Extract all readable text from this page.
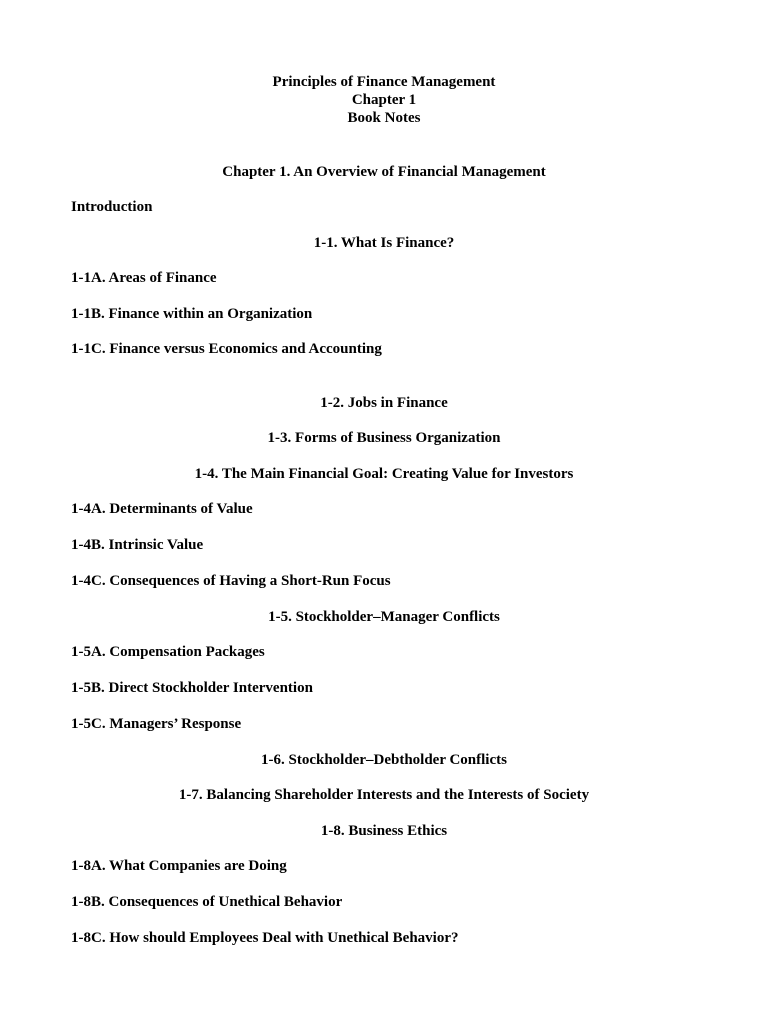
Principles of Finance Management
Chapter 1
Book Notes
Chapter 1. An Overview of Financial Management
Introduction
1-1. What Is Finance?
1-1A. Areas of Finance
1-1B. Finance within an Organization
1-1C. Finance versus Economics and Accounting
1-2. Jobs in Finance
1-3. Forms of Business Organization
1-4. The Main Financial Goal: Creating Value for Investors
1-4A. Determinants of Value
1-4B. Intrinsic Value
1-4C. Consequences of Having a Short-Run Focus
1-5. Stockholder–Manager Conflicts
1-5A. Compensation Packages
1-5B. Direct Stockholder Intervention
1-5C. Managers’ Response
1-6. Stockholder–Debtholder Conflicts
1-7. Balancing Shareholder Interests and the Interests of Society
1-8. Business Ethics
1-8A. What Companies are Doing
1-8B. Consequences of Unethical Behavior
1-8C. How should Employees Deal with Unethical Behavior?
